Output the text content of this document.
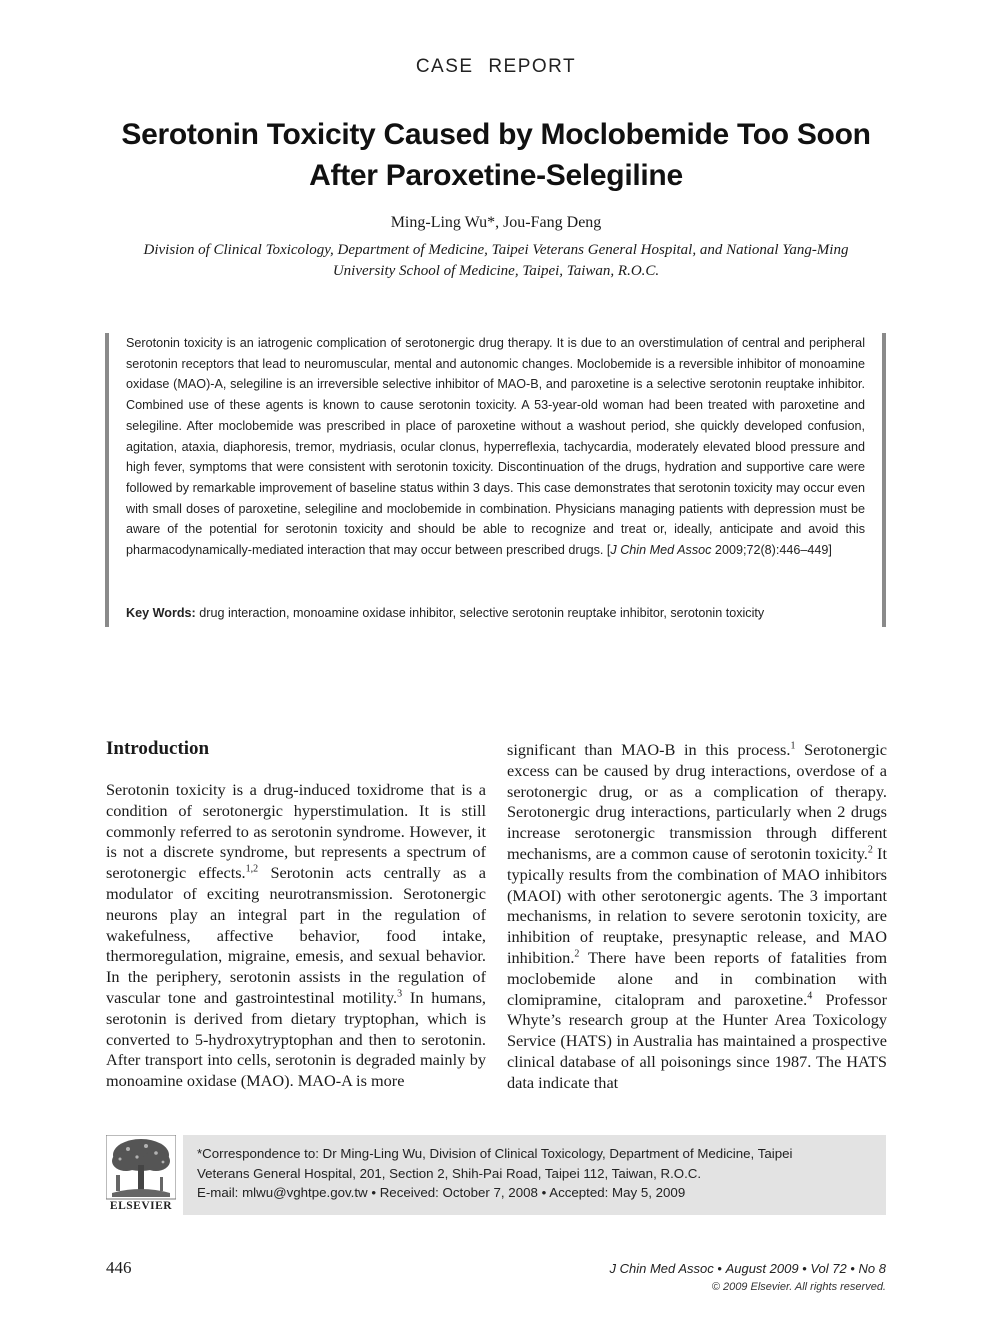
CASE REPORT
Serotonin Toxicity Caused by Moclobemide Too Soon After Paroxetine-Selegiline
Ming-Ling Wu*, Jou-Fang Deng
Division of Clinical Toxicology, Department of Medicine, Taipei Veterans General Hospital, and National Yang-Ming University School of Medicine, Taipei, Taiwan, R.O.C.

Serotonin toxicity is an iatrogenic complication of serotonergic drug therapy. It is due to an overstimulation of central and peripheral serotonin receptors that lead to neuromuscular, mental and autonomic changes. Moclobemide is a reversible inhibitor of monoamine oxidase (MAO)-A, selegiline is an irreversible selective inhibitor of MAO-B, and paroxetine is a selective serotonin reuptake inhibitor. Combined use of these agents is known to cause serotonin toxicity. A 53-year-old woman had been treated with paroxetine and selegiline. After moclobemide was prescribed in place of paroxetine without a washout period, she quickly developed confusion, agitation, ataxia, diaphoresis, tremor, mydriasis, ocular clonus, hyperreflexia, tachycardia, moderately elevated blood pressure and high fever, symptoms that were consistent with serotonin toxicity. Discontinuation of the drugs, hydration and supportive care were followed by remarkable improvement of baseline status within 3 days. This case demonstrates that serotonin toxicity may occur even with small doses of paroxetine, selegiline and moclobemide in combination. Physicians managing patients with depression must be aware of the potential for serotonin toxicity and should be able to recognize and treat or, ideally, anticipate and avoid this pharmacodynamically-mediated interaction that may occur between prescribed drugs. [J Chin Med Assoc 2009;72(8):446–449]

Key Words: drug interaction, monoamine oxidase inhibitor, selective serotonin reuptake inhibitor, serotonin toxicity

Introduction

Serotonin toxicity is a drug-induced toxidrome that is a condition of serotonergic hyperstimulation. It is still commonly referred to as serotonin syndrome. However, it is not a discrete syndrome, but represents a spectrum of serotonergic effects.$^{1,2}$ Serotonin acts centrally as a modulator of exciting neurotransmission. Serotonergic neurons play an integral part in the regulation of wakefulness, affective behavior, food intake, thermoregulation, migraine, emesis, and sexual behavior. In the periphery, serotonin assists in the regulation of vascular tone and gastrointestinal motility.$^3$ In humans, serotonin is derived from dietary tryptophan, which is converted to 5-hydroxytryptophan and then to serotonin. After transport into cells, serotonin is degraded mainly by monoamine oxidase (MAO). MAO-A is more

significant than MAO-B in this process.$^1$ Serotonergic excess can be caused by drug interactions, overdose of a serotonergic drug, or as a complication of therapy. Serotonergic drug interactions, particularly when 2 drugs increase serotonergic transmission through different mechanisms, are a common cause of serotonin toxicity.$^2$ It typically results from the combination of MAO inhibitors (MAOI) with other serotonergic agents. The 3 important mechanisms, in relation to severe serotonin toxicity, are inhibition of reuptake, presynaptic release, and MAO inhibition.$^2$ There have been reports of fatalities from moclobemide alone and in combination with clomipramine, citalopram and paroxetine.$^4$ Professor Whyte’s research group at the Hunter Area Toxicology Service (HATS) in Australia has maintained a prospective clinical database of all poisonings since 1987. The HATS data indicate that

ELSEVIER
*Correspondence to: Dr Ming-Ling Wu, Division of Clinical Toxicology, Department of Medicine, Taipei
Veterans General Hospital, 201, Section 2, Shih-Pai Road, Taipei 112, Taiwan, R.O.C.
E-mail: mlwu@vghtpe.gov.tw • Received: October 7, 2008 • Accepted: May 5, 2009
446	J Chin Med Assoc • August 2009 • Vol 72 • No 8
© 2009 Elsevier. All rights reserved.
